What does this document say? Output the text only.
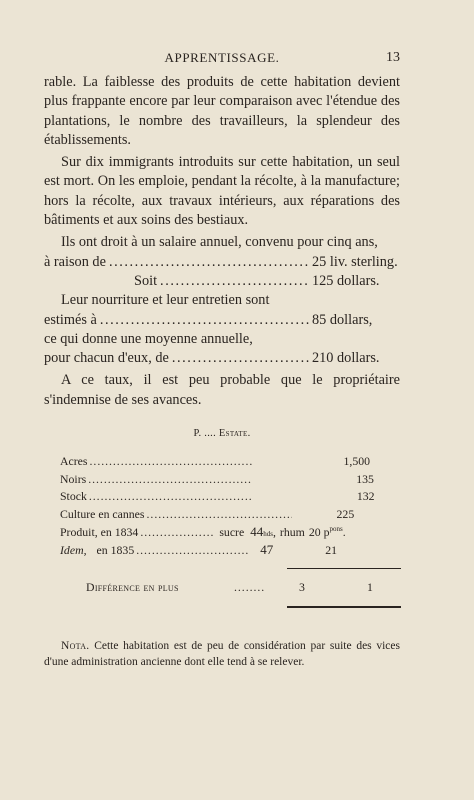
APPRENTISSAGE.	13

rable. La faiblesse des produits de cette habitation devient plus frappante encore par leur comparaison avec l'étendue des plantations, le nombre des travailleurs, la splendeur des établissements.

Sur dix immigrants introduits sur cette habitation, un seul est mort. On les emploie, pendant la récolte, à la manufacture; hors la récolte, aux travaux intérieurs, aux réparations des bâtiments et aux soins des bestiaux.

Ils ont droit à un salaire annuel, convenu pour cinq ans,

à raison de . . .	25 liv. sterling.
Soit . . .	125 dollars.
Leur nourriture et leur entretien sont
estimés à . . .	85 dollars,
ce qui donne une moyenne annuelle,
pour chacun d'eux, de . . .	210 dollars.

A ce taux, il est peu probable que le propriétaire s'indemnise de ses avances.

P. .... Estate.
Acres . . .	1,500
Noirs . . .	135
Stock . . .	132
Culture en cannes . . .	225
Produit, en 1834 . . .	sucre 44 hds , rhum 20 $p^{pons}$.
Idem, en 1835 . . .	47	21
Différence en plus	. . . . . . . .	3	1

Nota. Cette habitation est de peu de considération par suite des vices d'une administration ancienne dont elle tend à se relever.
